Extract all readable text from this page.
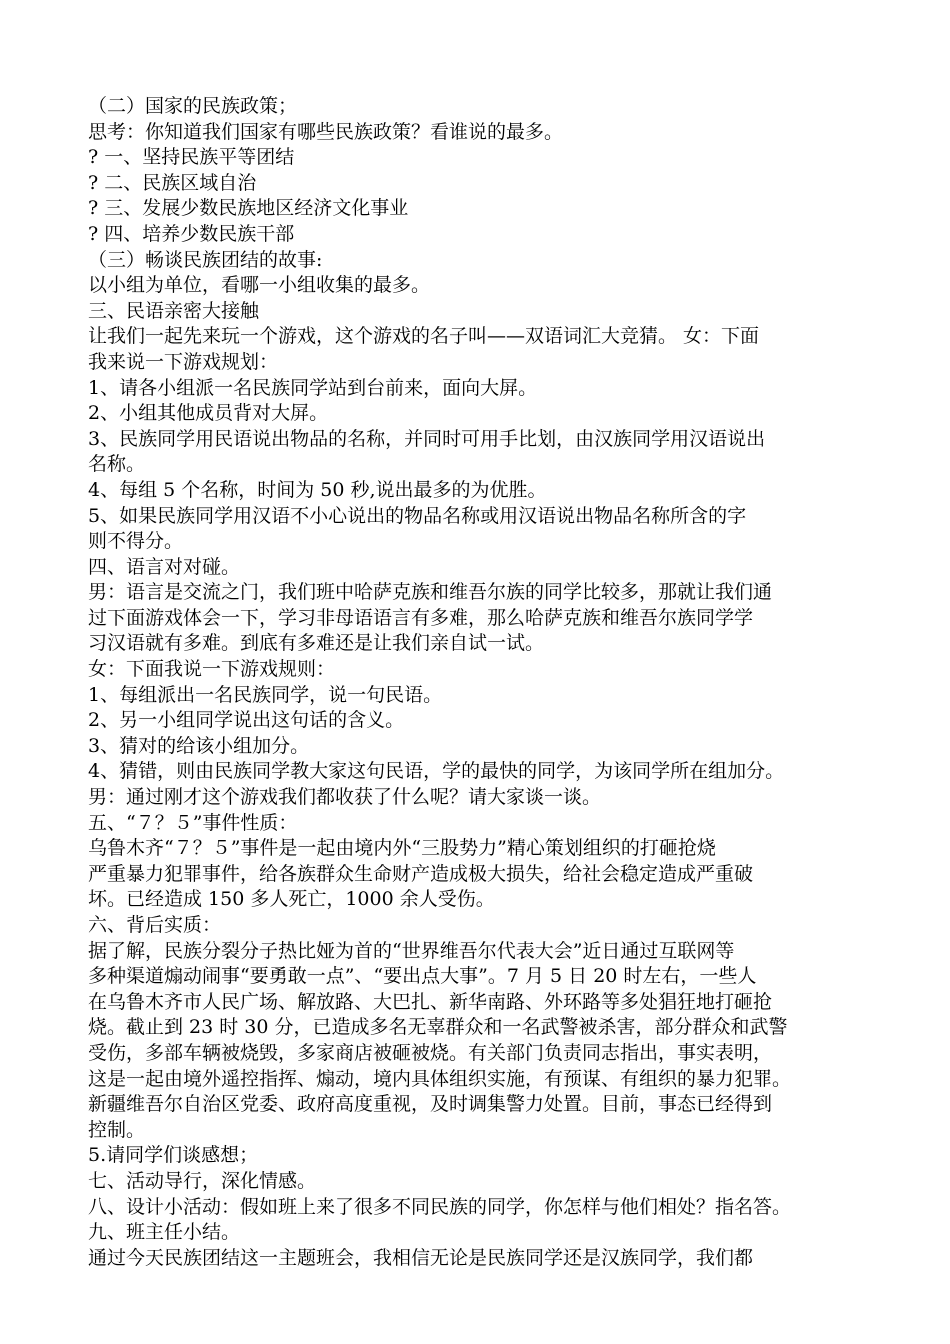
（二）国家的民族政策；
思考：你知道我们国家有哪些民族政策？看谁说的最多。
? 一、坚持民族平等团结
? 二、民族区域自治
? 三、发展少数民族地区经济文化事业
? 四、培养少数民族干部
（三）畅谈民族团结的故事:
以小组为单位，看哪一小组收集的最多。
三、民语亲密大接触
让我们一起先来玩一个游戏，这个游戏的名子叫——双语词汇大竞猜。 女：下面
我来说一下游戏规划：
1、请各小组派一名民族同学站到台前来，面向大屏。
2、小组其他成员背对大屏。
3、民族同学用民语说出物品的名称，并同时可用手比划，由汉族同学用汉语说出
名称。
4、每组 5 个名称，时间为 50 秒,说出最多的为优胜。
5、如果民族同学用汉语不小心说出的物品名称或用汉语说出物品名称所含的字
则不得分。
四、语言对对碰。
男：语言是交流之门，我们班中哈萨克族和维吾尔族的同学比较多，那就让我们通
过下面游戏体会一下，学习非母语语言有多难，那么哈萨克族和维吾尔族同学学
习汉语就有多难。到底有多难还是让我们亲自试一试。
女：下面我说一下游戏规则：
1、每组派出一名民族同学，说一句民语。
2、另一小组同学说出这句话的含义。
3、猜对的给该小组加分。
4、猜错，则由民族同学教大家这句民语，学的最快的同学，为该同学所在组加分。
男：通过刚才这个游戏我们都收获了什么呢？请大家谈一谈。
五、“７？５”事件性质：
乌鲁木齐“７？５”事件是一起由境内外“三股势力”精心策划组织的打砸抢烧
严重暴力犯罪事件，给各族群众生命财产造成极大损失，给社会稳定造成严重破
坏。已经造成 150 多人死亡，1000 余人受伤。
六、背后实质：
据了解，民族分裂分子热比娅为首的“世界维吾尔代表大会”近日通过互联网等
多种渠道煽动闹事“要勇敢一点”、“要出点大事”。7 月 5 日 20 时左右，一些人
在乌鲁木齐市人民广场、解放路、大巴扎、新华南路、外环路等多处猖狂地打砸抢
烧。截止到 23 时 30 分，已造成多名无辜群众和一名武警被杀害，部分群众和武警
受伤，多部车辆被烧毁，多家商店被砸被烧。有关部门负责同志指出，事实表明，
这是一起由境外遥控指挥、煽动，境内具体组织实施，有预谋、有组织的暴力犯罪。
新疆维吾尔自治区党委、政府高度重视，及时调集警力处置。目前，事态已经得到
控制。
5.请同学们谈感想；
七、活动导行，深化情感。
八、设计小活动：假如班上来了很多不同民族的同学，你怎样与他们相处？指名答。
九、班主任小结。
通过今天民族团结这一主题班会，我相信无论是民族同学还是汉族同学，我们都
